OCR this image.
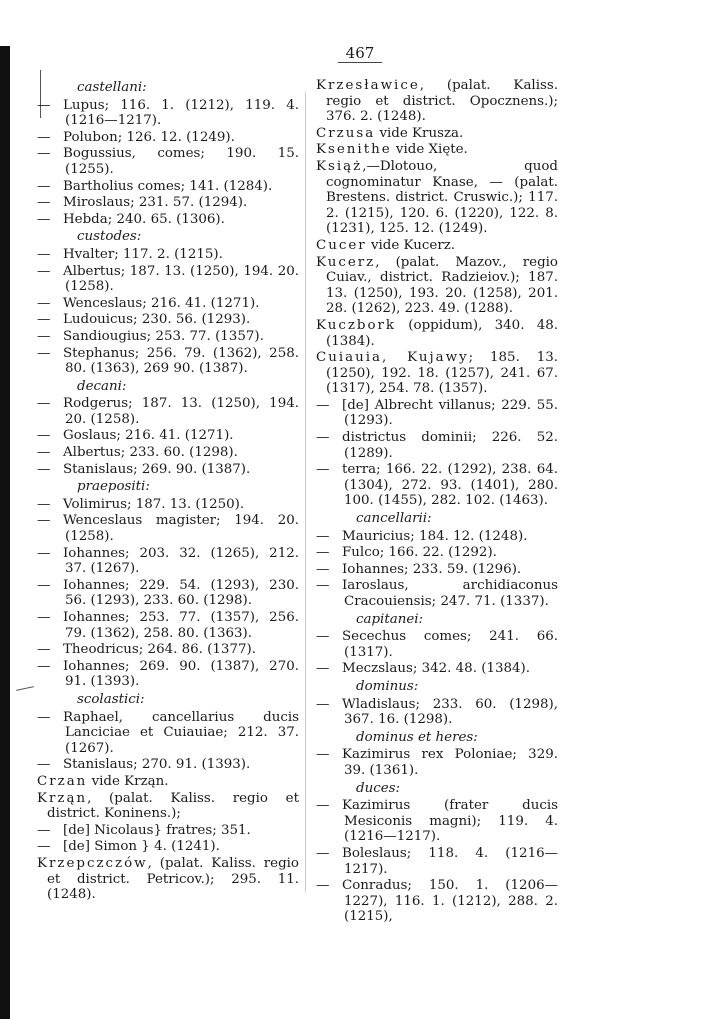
467
castellani:
— Lupus; 116. 1. (1212), 119. 4. (1216—1217).
— Polubon; 126. 12. (1249).
— Bogussius, comes; 190. 15. (1255).
— Bartholius comes; 141. (1284).
— Miroslaus; 231. 57. (1294).
— Hebda; 240. 65. (1306).
custodes:
— Hvalter; 117. 2. (1215).
— Albertus; 187. 13. (1250), 194. 20. (1258).
— Wenceslaus; 216. 41. (1271).
— Ludouicus; 230. 56. (1293).
— Sandiougius; 253. 77. (1357).
— Stephanus; 256. 79. (1362), 258. 80. (1363), 269 90. (1387).
decani:
— Rodgerus; 187. 13. (1250), 194. 20. (1258).
— Goslaus; 216. 41. (1271).
— Albertus; 233. 60. (1298).
— Stanislaus; 269. 90. (1387).
praepositi:
— Volimirus; 187. 13. (1250).
— Wenceslaus magister; 194. 20. (1258).
— Iohannes; 203. 32. (1265), 212. 37. (1267).
— Iohannes; 229. 54. (1293), 230. 56. (1293), 233. 60. (1298).
— Iohannes; 253. 77. (1357), 256. 79. (1362), 258. 80. (1363).
— Theodricus; 264. 86. (1377).
— Iohannes; 269. 90. (1387), 270. 91. (1393).
scolastici:
— Raphael, cancellarius ducis Lanciciae et Cuiauiae; 212. 37. (1267).
— Stanislaus; 270. 91. (1393).
Crzan vide Krząn.
Krząn, (palat. Kaliss. regio et district. Koninens.);
— [de] Nicolaus} fratres; 351.
— [de] Simon } 4. (1241).
Krzepczczów, (palat. Kaliss. regio et district. Petricov.); 295. 11. (1248).
Krzesławice, (palat. Kaliss. regio et district. Opocznens.); 376. 2. (1248).
Crzusa vide Krusza.
Ksenithe vide Xięte.
Książ,—Dlotouo, quod cognominatur Knase, — (palat. Brestens. district. Cruswic.); 117. 2. (1215), 120. 6. (1220), 122. 8. (1231), 125. 12. (1249).
Cucer vide Kucerz.
Kucerz, (palat. Mazov., regio Cuiav., district. Radzieiov.); 187. 13. (1250), 193. 20. (1258), 201. 28. (1262), 223. 49. (1288).
Kuczbork (oppidum), 340. 48. (1384).
Cuiauia, Kujawy; 185. 13. (1250), 192. 18. (1257), 241. 67. (1317), 254. 78. (1357).
— [de] Albrecht villanus; 229. 55. (1293).
— districtus dominii; 226. 52. (1289).
— terra; 166. 22. (1292), 238. 64. (1304), 272. 93. (1401), 280. 100. (1455), 282. 102. (1463).
cancellarii:
— Mauricius; 184. 12. (1248).
— Fulco; 166. 22. (1292).
— Iohannes; 233. 59. (1296).
— Iaroslaus, archidiaconus Cracouiensis; 247. 71. (1337).
capitanei:
— Secechus comes; 241. 66. (1317).
— Meczslaus; 342. 48. (1384).
dominus:
— Wladislaus; 233. 60. (1298), 367. 16. (1298).
dominus et heres:
— Kazimirus rex Poloniae; 329. 39. (1361).
duces:
— Kazimirus (frater ducis Mesiconis magni); 119. 4. (1216—1217).
— Boleslaus; 118. 4. (1216—1217).
— Conradus; 150. 1. (1206—1227), 116. 1. (1212), 288. 2. (1215),
